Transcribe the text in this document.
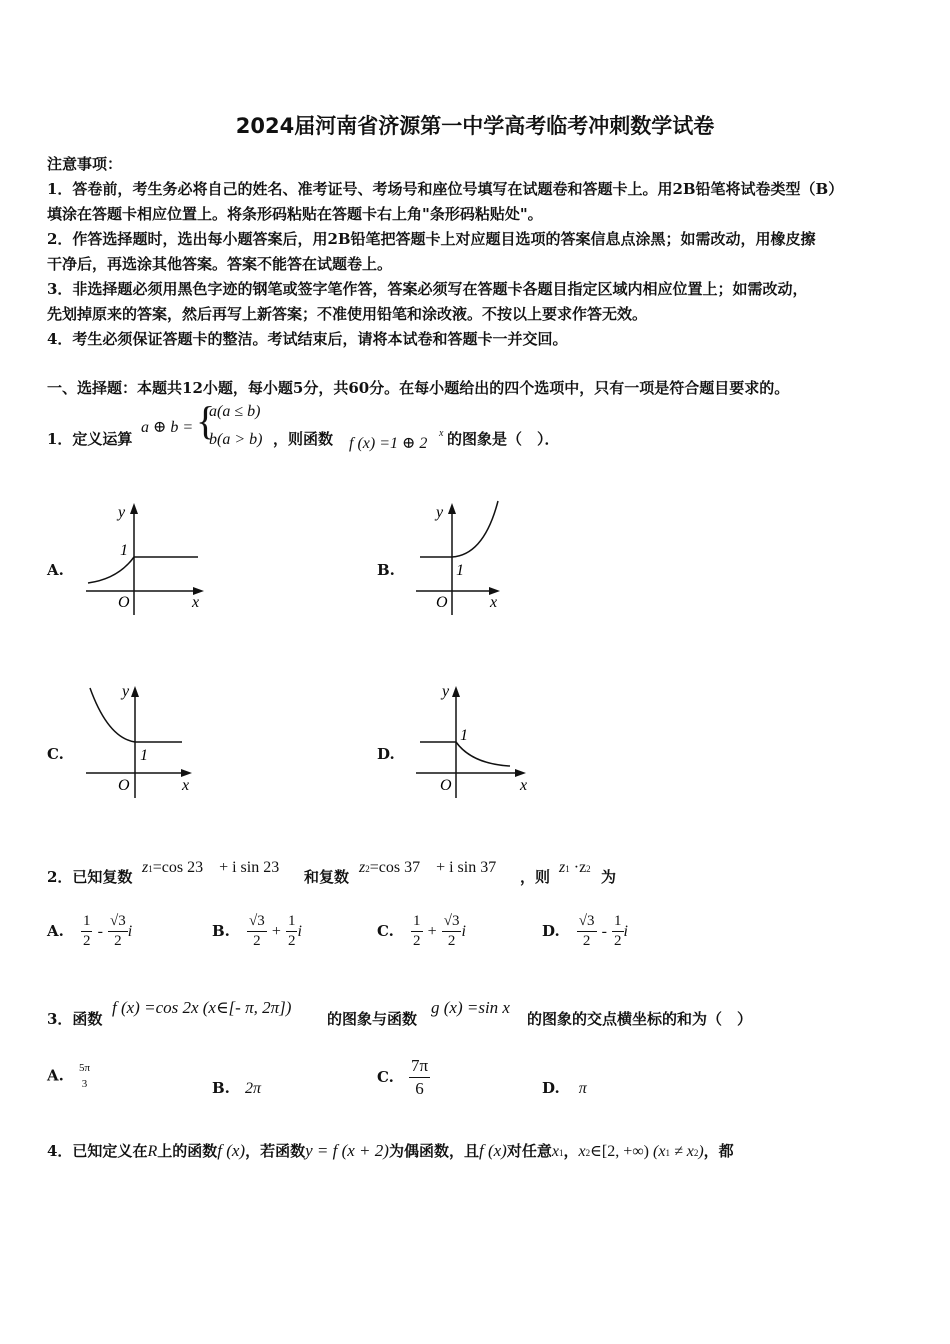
2024届河南省济源第一中学高考临考冲刺数学试卷
注意事项：
1．答卷前，考生务必将自己的姓名、准考证号、考场号和座位号填写在试题卷和答题卡上。用2B铅笔将试卷类型（B）
填涂在答题卡相应位置上。将条形码粘贴在答题卡右上角"条形码粘贴处"。
2．作答选择题时，选出每小题答案后，用2B铅笔把答题卡上对应题目选项的答案信息点涂黑；如需改动，用橡皮擦
干净后，再选涂其他答案。答案不能答在试题卷上。
3．非选择题必须用黑色字迹的钢笔或签字笔作答，答案必须写在答题卡各题目指定区域内相应位置上；如需改动，
先划掉原来的答案，然后再写上新答案；不准使用铅笔和涂改液。不按以上要求作答无效。
4．考生必须保证答题卡的整洁。考试结束后，请将本试卷和答题卡一并交回。
一、选择题：本题共12小题，每小题5分，共60分。在每小题给出的四个选项中，只有一项是符合题目要求的。
1．定义运算
a ⊕ b = {
a(a ≤ b)
b(a > b) ，则函数 f (x) =1 ⊕ 2
x 的图象是（　）．
A.	B.
C.	D.
y
x
O
1
y
x
O
1
y
x
O
1
y
x
O
1
2．已知复数
z1=cos 23　+ i sin 23
和复数
z2=cos 37　+ i sin 37
，则
z1 ·z2 为
A. $\frac{1}{2} - \frac{√3}{2}$ i	B. $\frac{√3}{2} + \frac{1}{2}$ i	C. $\frac{1}{2} + \frac{√3}{2}$ i	D. $\frac{√3}{2} - \frac{1}{2}$ i
3．函数
f (x) =cos 2x (x∈[- π, 2π])
的图象与函数
g (x) =sin x
的图象的交点横坐标的和为（　）
A. 5π
3	B. 2π
C. $\frac{7\pi}{6}$	D. π
4．已知定义在R上的函数f (x)，若函数y = f (x + 2)为偶函数，且f (x)对任意x1，x2∈[2, +∞) (x1 ≠ x2)，都
